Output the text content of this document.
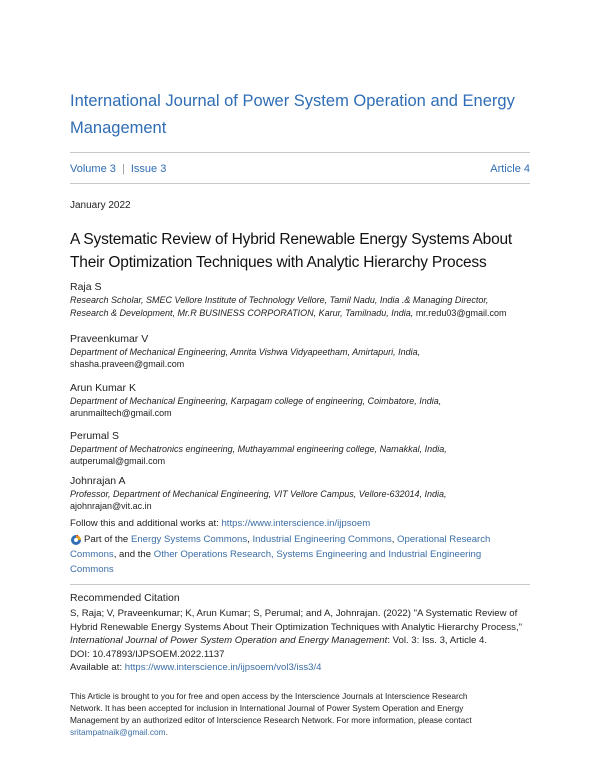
International Journal of Power System Operation and Energy
Management
Volume 3 | Issue 3	Article 4
January 2022
A Systematic Review of Hybrid Renewable Energy Systems About
Their Optimization Techniques with Analytic Hierarchy Process
Raja S
Research Scholar, SMEC Vellore Institute of Technology Vellore, Tamil Nadu, India .& Managing Director,
Research & Development, Mr.R BUSINESS CORPORATION, Karur, Tamilnadu, India, mr.redu03@gmail.com
Praveenkumar V
Department of Mechanical Engineering, Amrita Vishwa Vidyapeetham, Amirtapuri, India,
shasha.praveen@gmail.com
Arun Kumar K
Department of Mechanical Engineering, Karpagam college of engineering, Coimbatore, India,
arunmailtech@gmail.com
Perumal S
Department of Mechatronics engineering, Muthayammal engineering college, Namakkal, India,
autperumal@gmail.com
Johnrajan A
Professor, Department of Mechanical Engineering, VIT Vellore Campus, Vellore-632014, India,
ajohnrajan@vit.ac.in
Follow this and additional works at: https://www.interscience.in/ijpsoem
Part of the Energy Systems Commons, Industrial Engineering Commons, Operational Research
Commons, and the Other Operations Research, Systems Engineering and Industrial Engineering
Commons
Recommended Citation
S, Raja; V, Praveenkumar; K, Arun Kumar; S, Perumal; and A, Johnrajan. (2022) "A Systematic Review of
Hybrid Renewable Energy Systems About Their Optimization Techniques with Analytic Hierarchy Process,"
International Journal of Power System Operation and Energy Management: Vol. 3: Iss. 3, Article 4.
DOI: 10.47893/IJPSOEM.2022.1137
Available at: https://www.interscience.in/ijpsoem/vol3/iss3/4
This Article is brought to you for free and open access by the Interscience Journals at Interscience Research
Network. It has been accepted for inclusion in International Journal of Power System Operation and Energy
Management by an authorized editor of Interscience Research Network. For more information, please contact
sritampatnaik@gmail.com.
